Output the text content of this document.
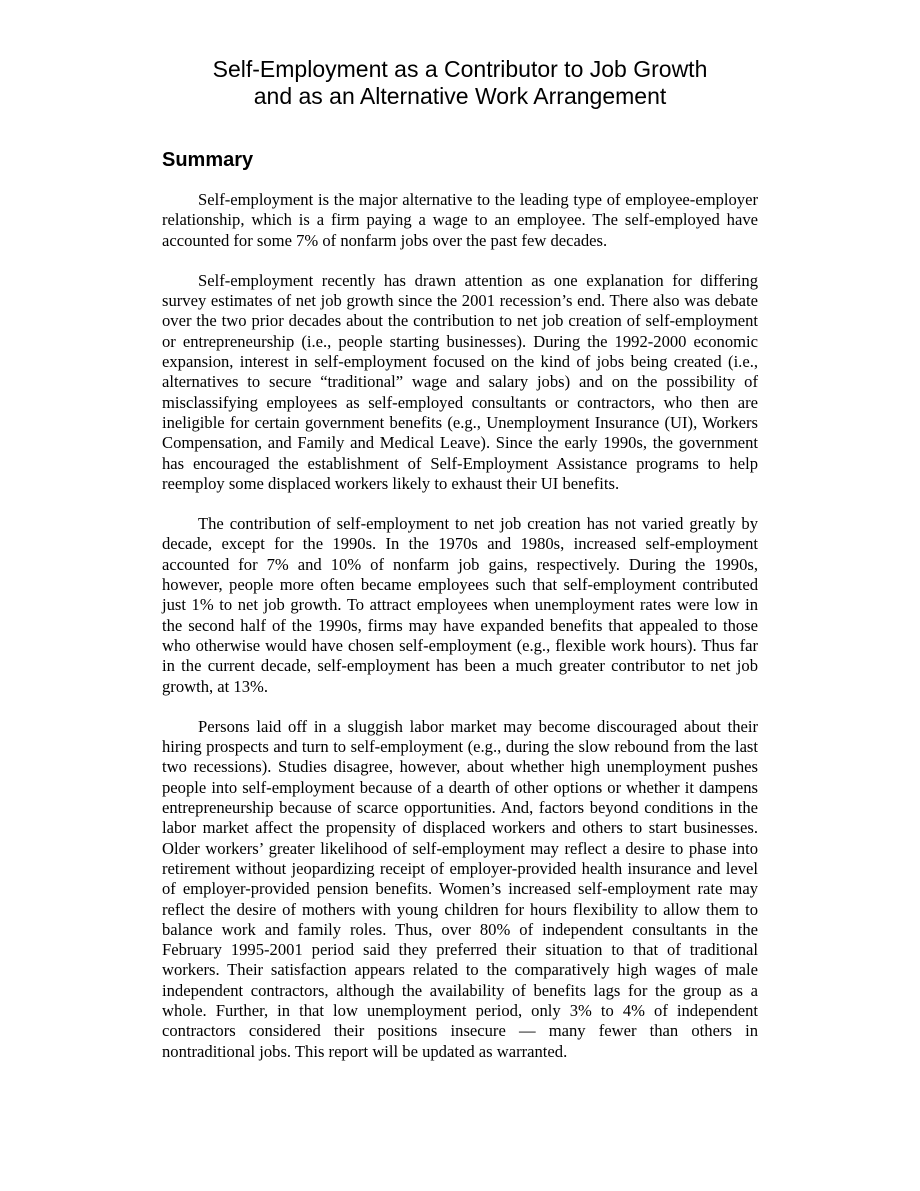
Self-Employment as a Contributor to Job Growth
and as an Alternative Work Arrangement
Summary

Self-employment is the major alternative to the leading type of employee-employer relationship, which is a firm paying a wage to an employee. The self-employed have accounted for some 7% of nonfarm jobs over the past few decades.

Self-employment recently has drawn attention as one explanation for differing survey estimates of net job growth since the 2001 recession’s end. There also was debate over the two prior decades about the contribution to net job creation of self-employment or entrepreneurship (i.e., people starting businesses). During the 1992-2000 economic expansion, interest in self-employment focused on the kind of jobs being created (i.e., alternatives to secure “traditional” wage and salary jobs) and on the possibility of misclassifying employees as self-employed consultants or contractors, who then are ineligible for certain government benefits (e.g., Unemployment Insurance (UI), Workers Compensation, and Family and Medical Leave). Since the early 1990s, the government has encouraged the establishment of Self-Employment Assistance programs to help reemploy some displaced workers likely to exhaust their UI benefits.

The contribution of self-employment to net job creation has not varied greatly by decade, except for the 1990s. In the 1970s and 1980s, increased self-employment accounted for 7% and 10% of nonfarm job gains, respectively. During the 1990s, however, people more often became employees such that self-employment contributed just 1% to net job growth. To attract employees when unemployment rates were low in the second half of the 1990s, firms may have expanded benefits that appealed to those who otherwise would have chosen self-employment (e.g., flexible work hours). Thus far in the current decade, self-employment has been a much greater contributor to net job growth, at 13%.

Persons laid off in a sluggish labor market may become discouraged about their hiring prospects and turn to self-employment (e.g., during the slow rebound from the last two recessions). Studies disagree, however, about whether high unemployment pushes people into self-employment because of a dearth of other options or whether it dampens entrepreneurship because of scarce opportunities. And, factors beyond conditions in the labor market affect the propensity of displaced workers and others to start businesses. Older workers’ greater likelihood of self-employment may reflect a desire to phase into retirement without jeopardizing receipt of employer-provided health insurance and level of employer-provided pension benefits. Women’s increased self-employment rate may reflect the desire of mothers with young children for hours flexibility to allow them to balance work and family roles. Thus, over 80% of independent consultants in the February 1995-2001 period said they preferred their situation to that of traditional workers. Their satisfaction appears related to the comparatively high wages of male independent contractors, although the availability of benefits lags for the group as a whole. Further, in that low unemployment period, only 3% to 4% of independent contractors considered their positions insecure — many fewer than others in nontraditional jobs. This report will be updated as warranted.
